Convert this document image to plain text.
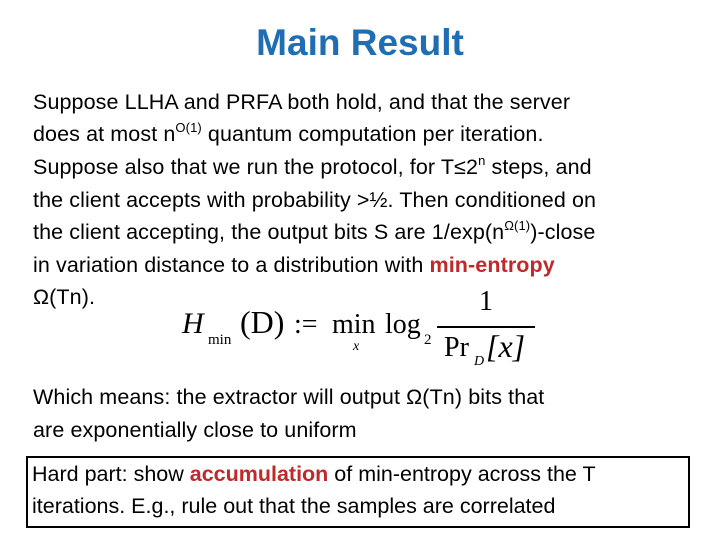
Main Result
Suppose LLHA and PRFA both hold, and that the server
does at most $n^{O(1)}$ quantum computation per iteration.
Suppose also that we run the protocol, for $T\le 2^n$ steps, and
the client accepts with probability >½. Then conditioned on
the client accepting, the output bits S are $1/\exp(n^{\Omega(1)})$-close
in variation distance to a distribution with min-entropy
Ω(Tn).
H min (D) := min
x
log 2
1
Pr D [x]
Which means: the extractor will output Ω(Tn) bits that
are exponentially close to uniform
Hard part: show accumulation of min-entropy across the T
iterations. E.g., rule out that the samples are correlated
